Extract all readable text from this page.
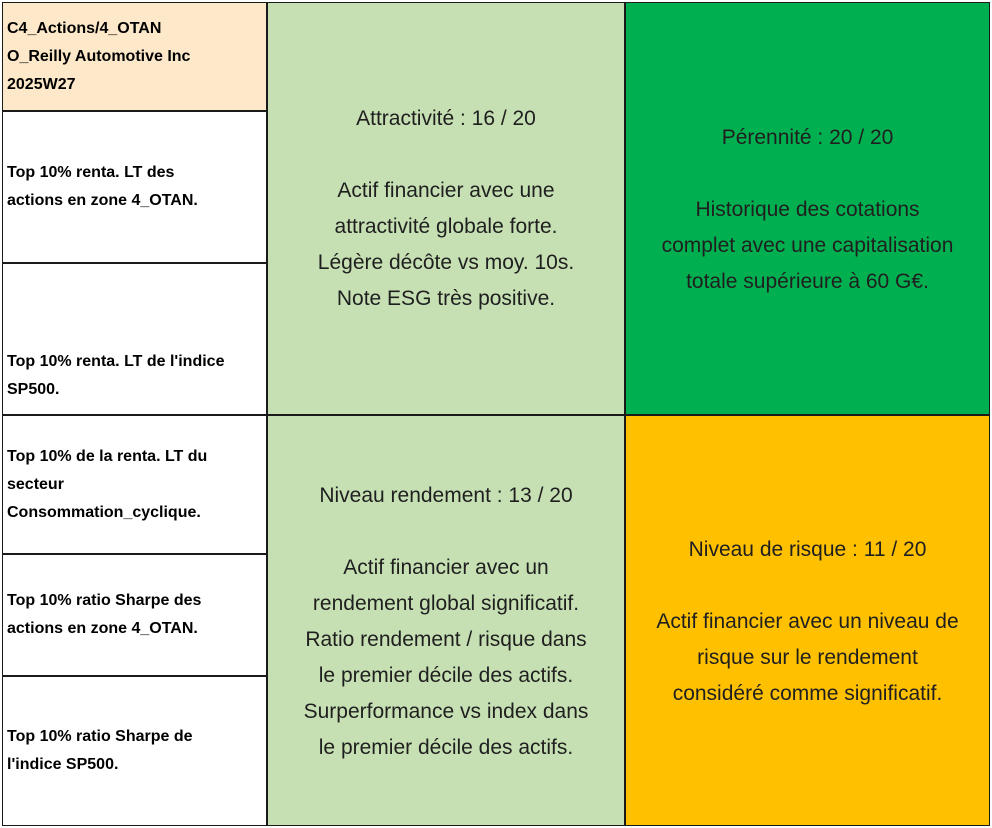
C4_Actions/4_OTAN
O_Reilly Automotive Inc
2025W27
Top 10% renta. LT des
actions en zone 4_OTAN.
Top 10% renta. LT de l'indice
SP500.
Top 10% de la renta. LT du
secteur
Consommation_cyclique.
Top 10% ratio Sharpe des
actions en zone 4_OTAN.
Top 10% ratio Sharpe de
l'indice SP500.
Attractivité : 16 / 20
Actif financier avec une
attractivité globale forte.
Légère décôte vs moy. 10s.
Note ESG très positive.
Pérennité : 20 / 20
Historique des cotations
complet avec une capitalisation
totale supérieure à 60 G€.
Niveau rendement : 13 / 20
Actif financier avec un
rendement global significatif.
Ratio rendement / risque dans
le premier décile des actifs.
Surperformance vs index dans
le premier décile des actifs.
Niveau de risque : 11 / 20
Actif financier avec un niveau de
risque sur le rendement
considéré comme significatif.
